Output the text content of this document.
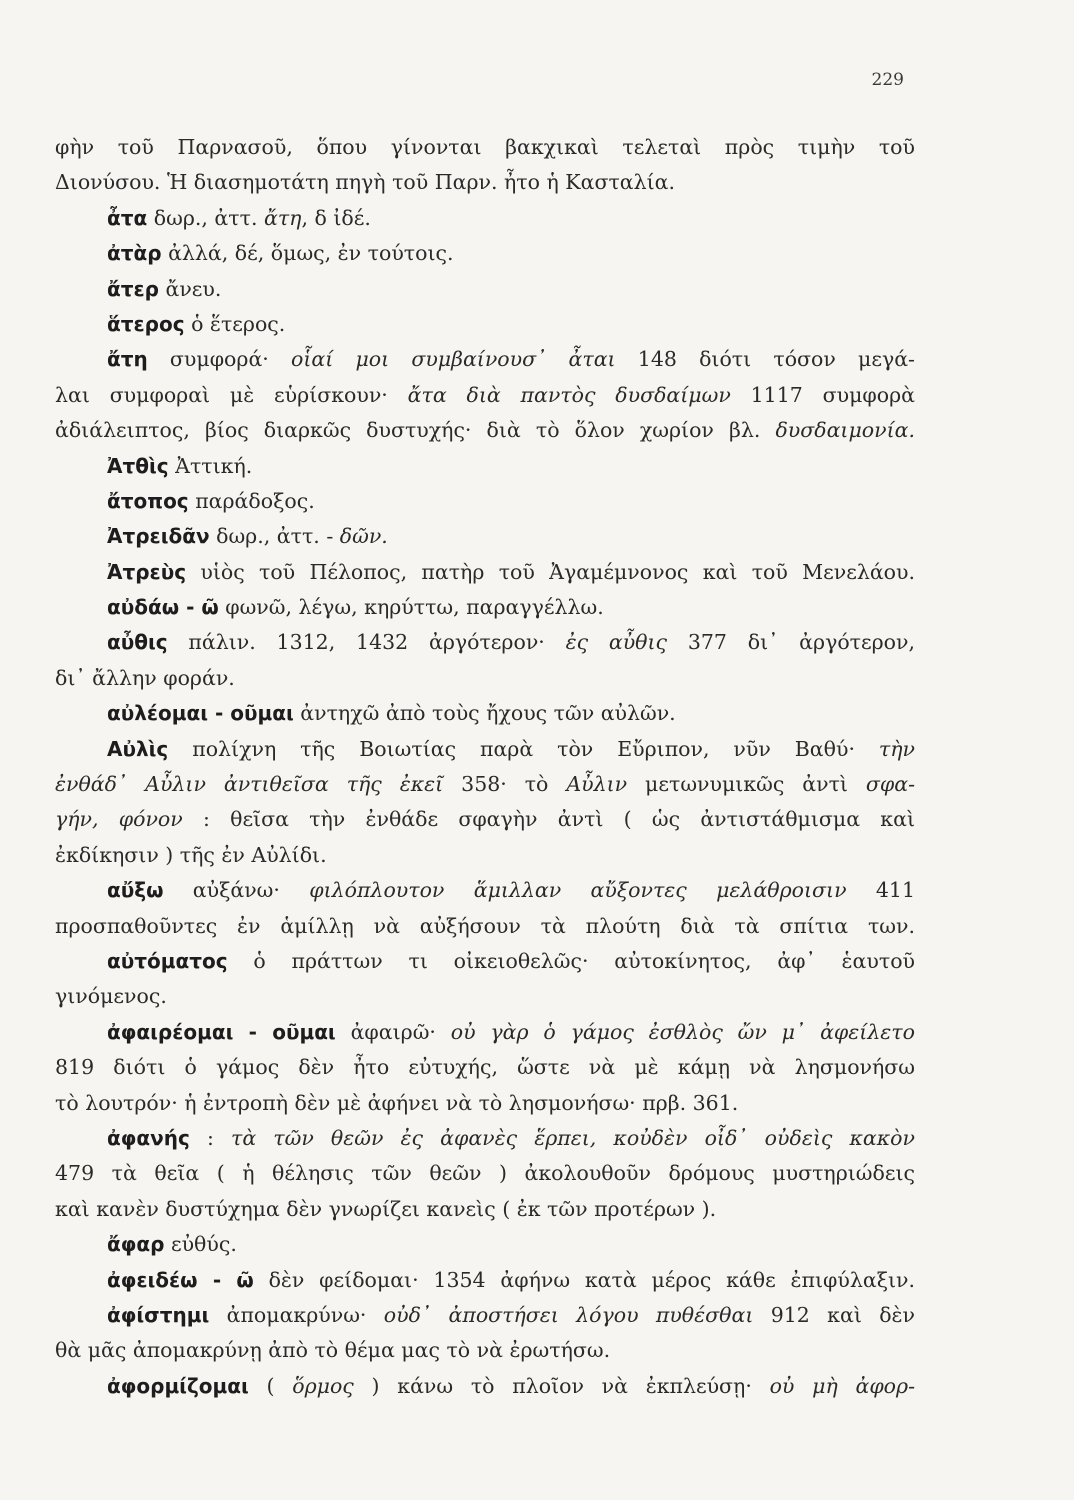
229
φὴν τοῦ Παρνασοῦ, ὅπου γίνονται βακχικαὶ τελεταὶ πρὸς τιμὴν τοῦ
Διονύσου. Ἡ διασημοτάτη πηγὴ τοῦ Παρν. ἦτο ἡ Κασταλία.
ἆτα δωρ., ἀττ. ἄτη, δ ἰδέ.
ἀτὰρ ἀλλά, δέ, ὅμως, ἐν τούτοις.
ἄτερ ἄνευ.
ἅτερος ὁ ἕτερος.
ἄτη συμφορά· οἷαί μοι συμβαίνουσ᾽ ἆται 148 διότι τόσον μεγά-
λαι συμφοραὶ μὲ εὑρίσκουν· ἄτα διὰ παντὸς δυσδαίμων 1117 συμφορὰ
ἀδιάλειπτος, βίος διαρκῶς δυστυχής· διὰ τὸ ὅλον χωρίον βλ. δυσδαιμονία.
Ἀτθὶς Ἀττική.
ἄτοπος παράδοξος.
Ἀτρειδᾶν δωρ., ἀττ. - δῶν.
Ἀτρεὺς υἱὸς τοῦ Πέλοπος, πατὴρ τοῦ Ἀγαμέμνονος καὶ τοῦ Μενελάου.
αὐδάω - ῶ φωνῶ, λέγω, κηρύττω, παραγγέλλω.
αὖθις πάλιν. 1312, 1432 ἀργότερον· ἐς αὖθις 377 δι᾽ ἀργότερον,
δι᾽ ἄλλην φοράν.
αὐλέομαι - οῦμαι ἀντηχῶ ἀπὸ τοὺς ἤχους τῶν αὐλῶν.
Αὐλὶς πολίχνη τῆς Βοιωτίας παρὰ τὸν Εὔριπον, νῦν Βαθύ· τὴν
ἐνθάδ᾽ Αὖλιν ἀντιθεῖσα τῆς ἐκεῖ 358· τὸ Αὖλιν μετωνυμικῶς ἀντὶ σφα-
γήν, φόνον : θεῖσα τὴν ἐνθάδε σφαγὴν ἀντὶ ( ὡς ἀντιστάθμισμα καὶ
ἐκδίκησιν ) τῆς ἐν Αὐλίδι.
αὔξω αὐξάνω· φιλόπλουτον ἅμιλλαν αὔξοντες μελάθροισιν 411
προσπαθοῦντες ἐν ἁμίλλῃ νὰ αὐξήσουν τὰ πλούτη διὰ τὰ σπίτια των.
αὐτόματος ὁ πράττων τι οἰκειοθελῶς· αὐτοκίνητος, ἀφ᾽ ἑαυτοῦ
γινόμενος.
ἀφαιρέομαι - οῦμαι ἀφαιρῶ· οὐ γὰρ ὁ γάμος ἐσθλὸς ὤν μ᾽ ἀφείλετο
819 διότι ὁ γάμος δὲν ἦτο εὐτυχής, ὥστε νὰ μὲ κάμῃ νὰ λησμονήσω
τὸ λουτρόν· ἡ ἐντροπὴ δὲν μὲ ἀφήνει νὰ τὸ λησμονήσω· πρβ. 361.
ἀφανής : τὰ τῶν θεῶν ἐς ἀφανὲς ἕρπει, κοὐδὲν οἶδ᾽ οὐδεὶς κακὸν
479 τὰ θεῖα ( ἡ θέλησις τῶν θεῶν ) ἀκολουθοῦν δρόμους μυστηριώδεις
καὶ κανὲν δυστύχημα δὲν γνωρίζει κανεὶς ( ἐκ τῶν προτέρων ).
ἄφαρ εὐθύς.
ἀφειδέω - ῶ δὲν φείδομαι· 1354 ἀφήνω κατὰ μέρος κάθε ἐπιφύλαξιν.
ἀφίστημι ἀπομακρύνω· οὐδ᾽ ἀποστήσει λόγου πυθέσθαι 912 καὶ δὲν
θὰ μᾶς ἀπομακρύνῃ ἀπὸ τὸ θέμα μας τὸ νὰ ἐρωτήσω.
ἀφορμίζομαι ( ὅρμος ) κάνω τὸ πλοῖον νὰ ἐκπλεύσῃ· οὐ μὴ ἀφορ-
